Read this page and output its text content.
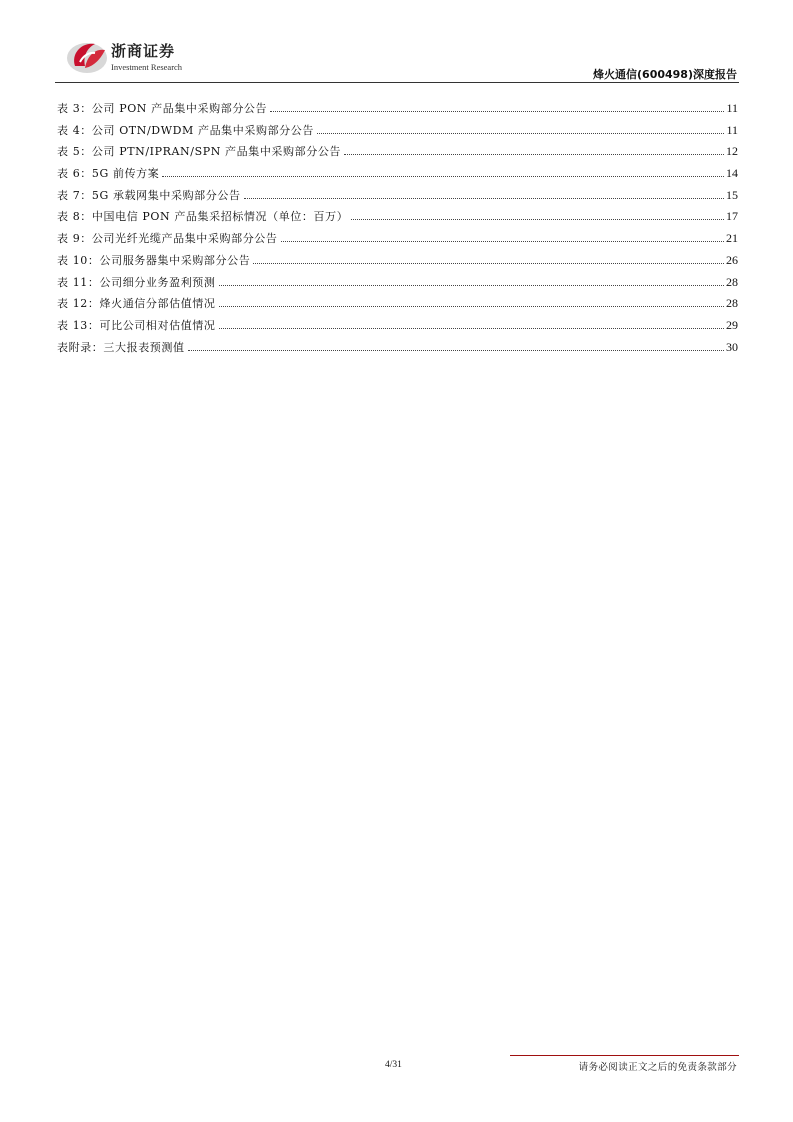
浙商证券
Investment Research
烽火通信(600498)深度报告
表 3：公司 PON 产品集中采购部分公告	11
表 4：公司 OTN/DWDM 产品集中采购部分公告	11
表 5：公司 PTN/IPRAN/SPN 产品集中采购部分公告	12
表 6：5G 前传方案	14
表 7：5G 承载网集中采购部分公告	15
表 8：中国电信 PON 产品集采招标情况（单位：百万）	17
表 9：公司光纤光缆产品集中采购部分公告	21
表 10：公司服务器集中采购部分公告	26
表 11：公司细分业务盈利预测	28
表 12：烽火通信分部估值情况	28
表 13：可比公司相对估值情况	29
表附录：三大报表预测值	30
4/31	请务必阅读正文之后的免责条款部分
